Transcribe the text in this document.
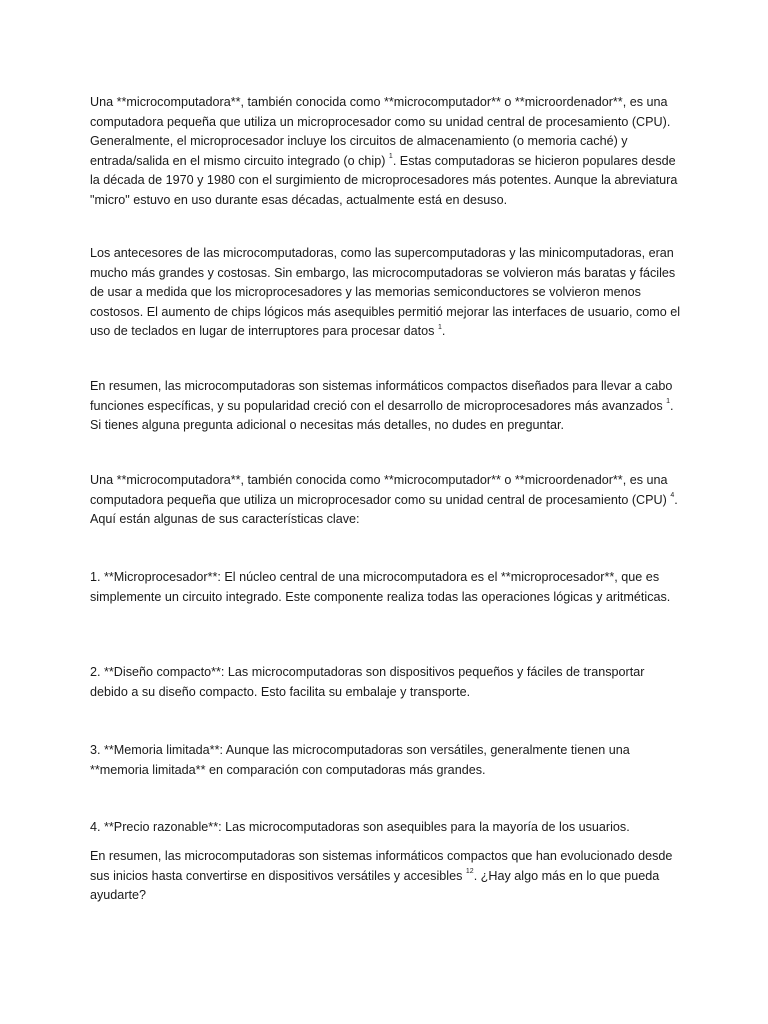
Una **microcomputadora**, también conocida como **microcomputador** o **microordenador**, es una computadora pequeña que utiliza un microprocesador como su unidad central de procesamiento (CPU). Generalmente, el microprocesador incluye los circuitos de almacenamiento (o memoria caché) y entrada/salida en el mismo circuito integrado (o chip) $^1$. Estas computadoras se hicieron populares desde la década de 1970 y 1980 con el surgimiento de microprocesadores más potentes. Aunque la abreviatura "micro" estuvo en uso durante esas décadas, actualmente está en desuso.

Los antecesores de las microcomputadoras, como las supercomputadoras y las minicomputadoras, eran mucho más grandes y costosas. Sin embargo, las microcomputadoras se volvieron más baratas y fáciles de usar a medida que los microprocesadores y las memorias semiconductores se volvieron menos costosos. El aumento de chips lógicos más asequibles permitió mejorar las interfaces de usuario, como el uso de teclados en lugar de interruptores para procesar datos $^1$.

En resumen, las microcomputadoras son sistemas informáticos compactos diseñados para llevar a cabo funciones específicas, y su popularidad creció con el desarrollo de microprocesadores más avanzados $^1$. Si tienes alguna pregunta adicional o necesitas más detalles, no dudes en preguntar.

Una **microcomputadora**, también conocida como **microcomputador** o **microordenador**, es una computadora pequeña que utiliza un microprocesador como su unidad central de procesamiento (CPU) $^4$. Aquí están algunas de sus características clave:

1. **Microprocesador**: El núcleo central de una microcomputadora es el **microprocesador**, que es simplemente un circuito integrado. Este componente realiza todas las operaciones lógicas y aritméticas.

2. **Diseño compacto**: Las microcomputadoras son dispositivos pequeños y fáciles de transportar debido a su diseño compacto. Esto facilita su embalaje y transporte.

3. **Memoria limitada**: Aunque las microcomputadoras son versátiles, generalmente tienen una **memoria limitada** en comparación con computadoras más grandes.

4. **Precio razonable**: Las microcomputadoras son asequibles para la mayoría de los usuarios.

En resumen, las microcomputadoras son sistemas informáticos compactos que han evolucionado desde sus inicios hasta convertirse en dispositivos versátiles y accesibles $^{12}$. ¿Hay algo más en lo que pueda ayudarte?
